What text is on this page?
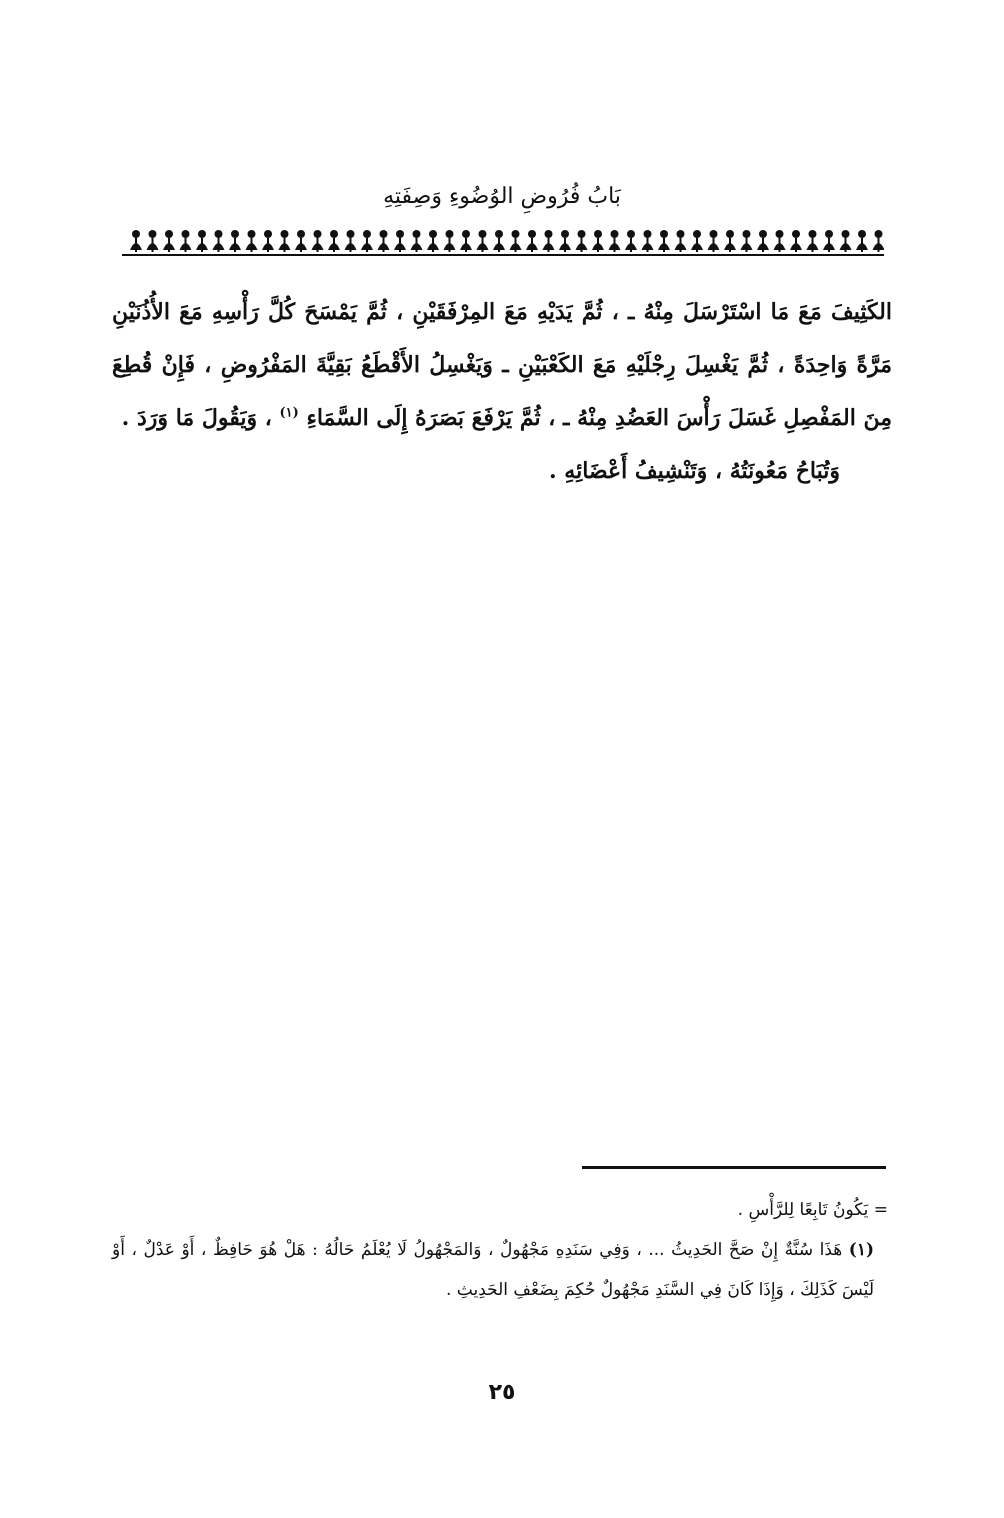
بَابُ فُرُوضِ الوُضُوءِ وَصِفَتِهِ

الكَثِيفَ مَعَ مَا اسْتَرْسَلَ مِنْهُ ـ ، ثُمَّ يَدَيْهِ مَعَ المِرْفَقَيْنِ ، ثُمَّ يَمْسَحَ كُلَّ رَأْسِهِ مَعَ الأُذُنَيْنِ مَرَّةً وَاحِدَةً ، ثُمَّ يَغْسِلَ رِجْلَيْهِ مَعَ الكَعْبَيْنِ ـ وَيَغْسِلُ الأَقْطَعُ بَقِيَّةَ المَفْرُوضِ ، فَإِنْ قُطِعَ مِنَ المَفْصِلِ غَسَلَ رَأْسَ العَضُدِ مِنْهُ ـ ، ثُمَّ يَرْفَعَ بَصَرَهُ إِلَى السَّمَاءِ $^{(١)}$ ، وَيَقُولَ مَا وَرَدَ .

وَتُبَاحُ مَعُونَتُهُ ، وَتَنْشِيفُ أَعْضَائِهِ .

= يَكُونُ تَابِعًا لِلرَّأْسِ .

(١) هَذَا سُنَّةٌ إِنْ صَحَّ الحَدِيثُ ... ، وَفِي سَنَدِهِ مَجْهُولٌ ، وَالمَجْهُولُ لَا يُعْلَمُ حَالُهُ : هَلْ هُوَ حَافِظٌ ، أَوْ عَدْلٌ ، أَوْ لَيْسَ كَذَلِكَ ، وَإِذَا كَانَ فِي السَّنَدِ مَجْهُولٌ حُكِمَ بِضَعْفِ الحَدِيثِ .

٢٥
